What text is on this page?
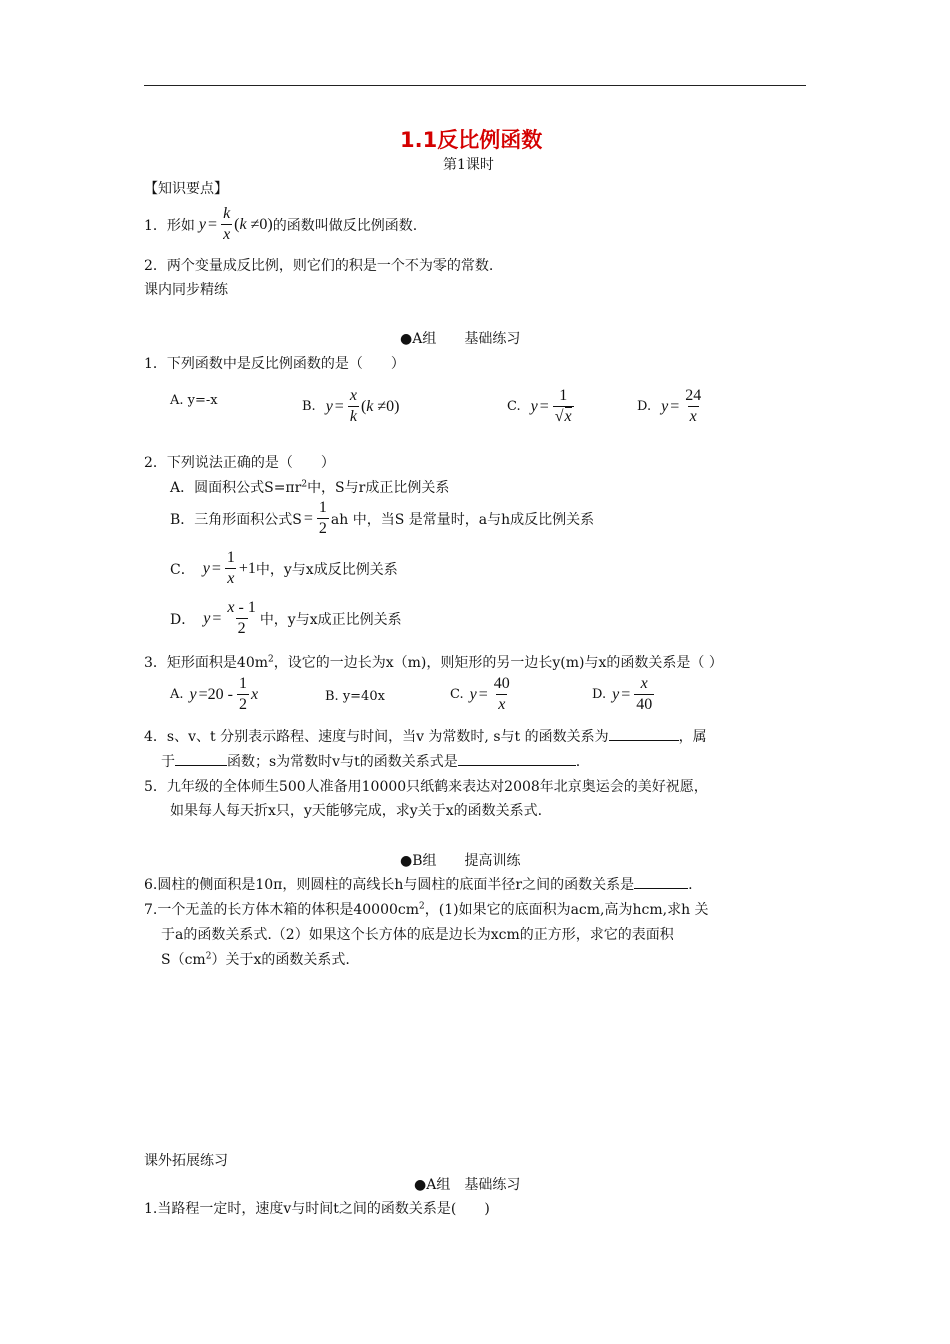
1.1反比例函数
第1课时
【知识要点】
1．形如 $y = \frac{k}{x} (k \ne 0)$ 的函数叫做反比例函数.
2．两个变量成反比例，则它们的积是一个不为零的常数.
课内同步精练
●A组　　基础练习
1．下列函数中是反比例函数的是（　　）
A. y=-x	B. $y = \frac{x}{k} (k \ne 0)$	C. $y = \frac{1}{√x}$	D. $y = \frac{24}{x}$
2．下列说法正确的是（　　）
A．圆面积公式$S=\pi r^2$中，S与r成正比例关系
B．三角形面积公式$S = \frac{1}{2}$ ah 中，当S 是常量时，a与h成反比例关系
C． $y = \frac{1}{x} +1$ 中，y与x成反比例关系
D． $y = \frac{x - 1}{2}$ 中，y与x成正比例关系
3．矩形面积是$40m^2$，设它的一边长为x（m)，则矩形的另一边长y(m)与x的函数关系是（ ）
A. $y =20 - \frac{1}{2}$ x	B. y=40x	C. $y = \frac{40}{x}$	D. $y = \frac{x}{40}$
4．s、v、t 分别表示路程、速度与时间，当v 为常数时, s与t 的函数关系为	，属
于	函数；s为常数时v与t的函数关系式是	.
5．九年级的全体师生500人准备用10000只纸鹤来表达对2008年北京奥运会的美好祝愿，
如果每人每天折x只，y天能够完成，求y关于x的函数关系式.
●B组　　提高训练
6.圆柱的侧面积是10π，则圆柱的高线长h与圆柱的底面半径r之间的函数关系是	.
7.一个无盖的长方体木箱的体积是$40000cm^2$，(1)如果它的底面积为acm,高为hcm,求h 关
于a的函数关系式.（2）如果这个长方体的底是边长为xcm的正方形，求它的表面积
$S(cm^2)$关于x的函数关系式.
课外拓展练习
●A组　基础练习
1.当路程一定时，速度v与时间t之间的函数关系是(　　)
